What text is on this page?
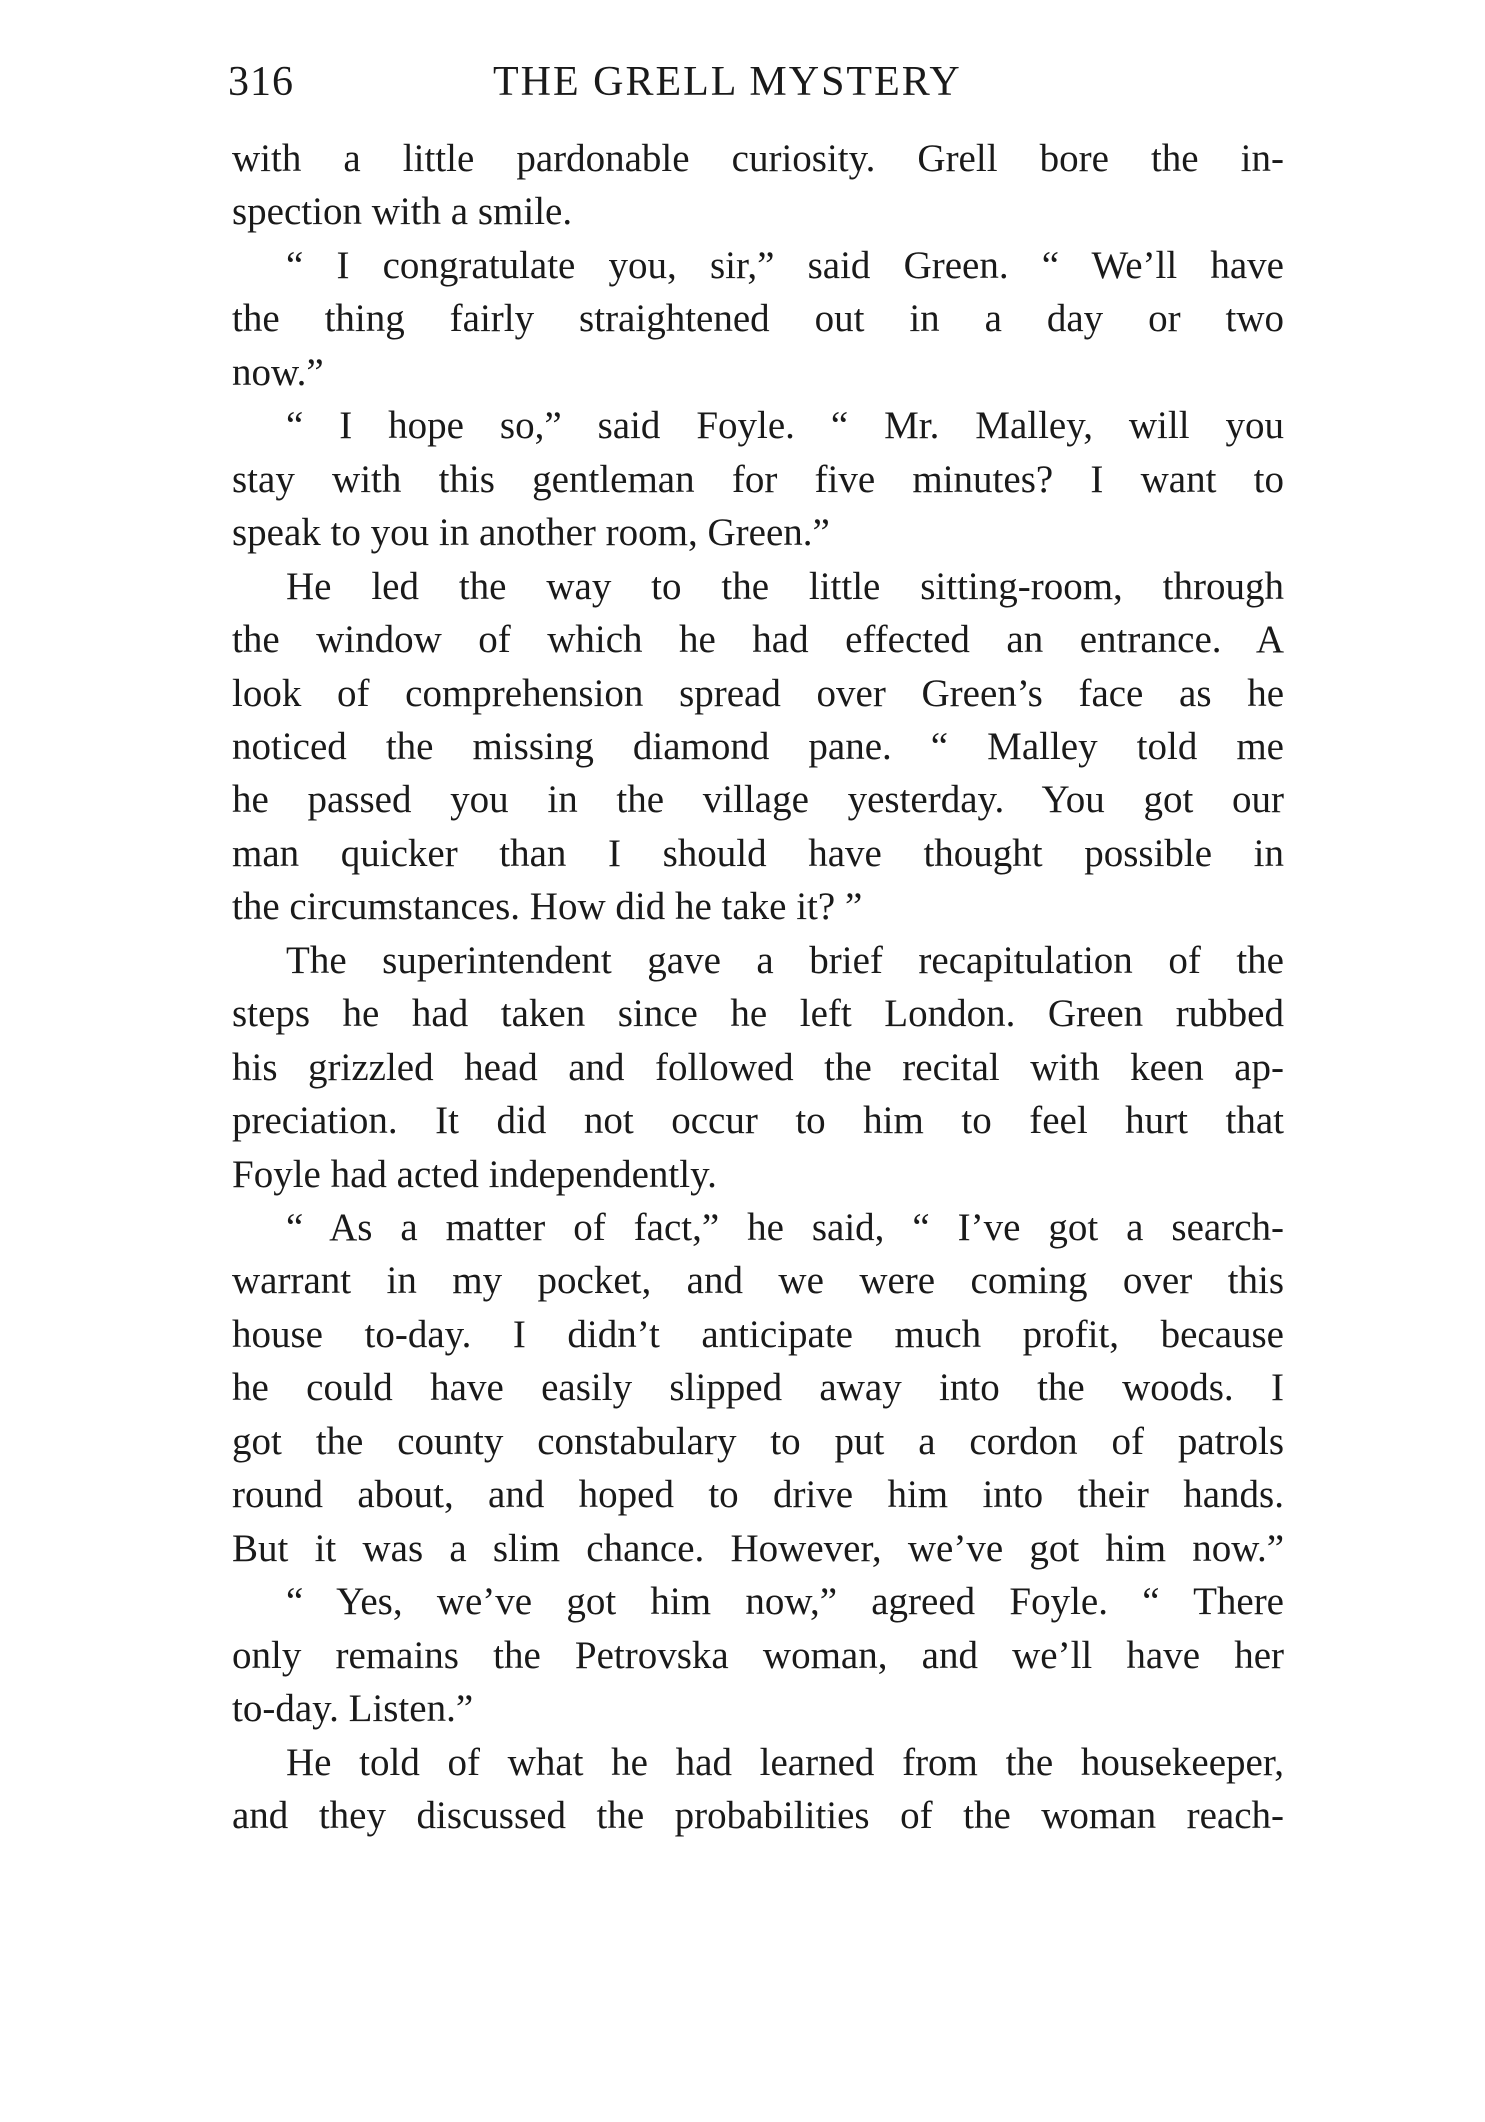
316	THE GRELL MYSTERY
with a little pardonable curiosity. Grell bore the in-
spection with a smile.
“ I congratulate you, sir,” said Green. “ We’ll have
the thing fairly straightened out in a day or two
now.”
“ I hope so,” said Foyle. “ Mr. Malley, will you
stay with this gentleman for five minutes? I want to
speak to you in another room, Green.”
He led the way to the little sitting-room, through
the window of which he had effected an entrance. A
look of comprehension spread over Green’s face as he
noticed the missing diamond pane. “ Malley told me
he passed you in the village yesterday. You got our
man quicker than I should have thought possible in
the circumstances. How did he take it? ”
The superintendent gave a brief recapitulation of the
steps he had taken since he left London. Green rubbed
his grizzled head and followed the recital with keen ap-
preciation. It did not occur to him to feel hurt that
Foyle had acted independently.
“ As a matter of fact,” he said, “ I’ve got a search-
warrant in my pocket, and we were coming over this
house to-day. I didn’t anticipate much profit, because
he could have easily slipped away into the woods. I
got the county constabulary to put a cordon of patrols
round about, and hoped to drive him into their hands.
But it was a slim chance. However, we’ve got him now.”
“ Yes, we’ve got him now,” agreed Foyle. “ There
only remains the Petrovska woman, and we’ll have her
to-day. Listen.”
He told of what he had learned from the housekeeper,
and they discussed the probabilities of the woman reach-
